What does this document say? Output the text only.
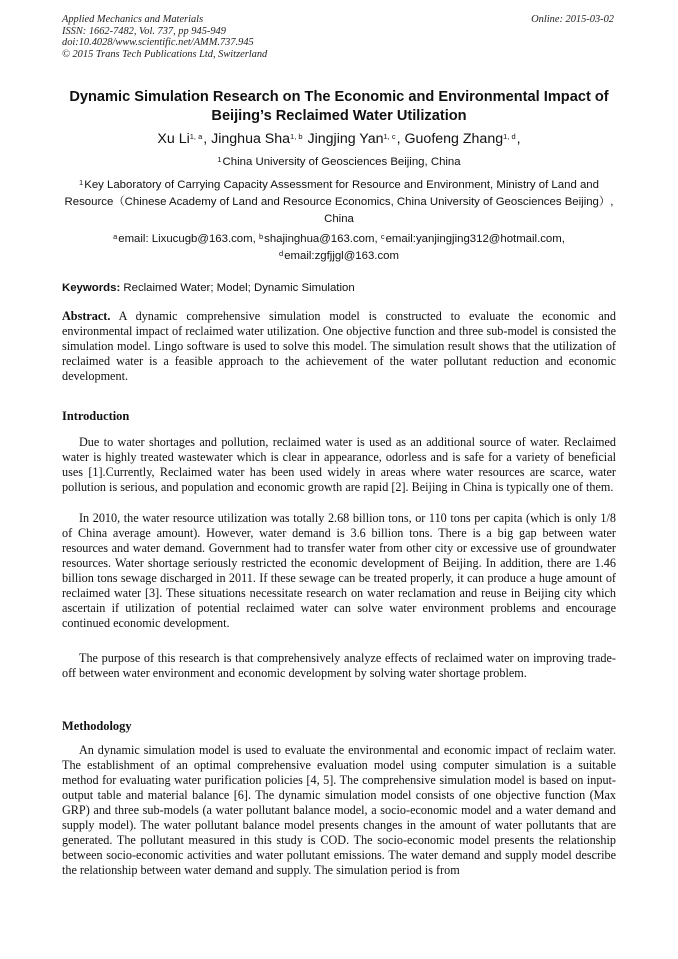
Applied Mechanics and Materials
ISSN: 1662-7482, Vol. 737, pp 945-949
doi:10.4028/www.scientific.net/AMM.737.945
© 2015 Trans Tech Publications Ltd, Switzerland
Online: 2015-03-02
Dynamic Simulation Research on The Economic and Environmental Impact of Beijing’s Reclaimed Water Utilization
Xu Li$^{1, a}$, Jinghua Sha$^{1, b}$ Jingjing Yan$^{1, c}$, Guofeng Zhang$^{1, d}$,
$^1$China University of Geosciences Beijing, China
$^1$Key Laboratory of Carrying Capacity Assessment for Resource and Environment, Ministry of Land and Resource（Chinese Academy of Land and Resource Economics, China University of Geosciences Beijing）, China
$^a$email: Lixucugb@163.com, $^b$shajinghua@163.com, $^c$email:yanjingjing312@hotmail.com,
$^d$email:zgfjjgl@163.com
Keywords: Reclaimed Water; Model; Dynamic Simulation
Abstract. A dynamic comprehensive simulation model is constructed to evaluate the economic and environmental impact of reclaimed water utilization. One objective function and three sub-model is consisted the simulation model. Lingo software is used to solve this model. The simulation result shows that the utilization of reclaimed water is a feasible approach to the achievement of the water pollutant reduction and economic development.
Introduction

Due to water shortages and pollution, reclaimed water is used as an additional source of water. Reclaimed water is highly treated wastewater which is clear in appearance, odorless and is safe for a variety of beneficial uses [1].Currently, Reclaimed water has been used widely in areas where water resources are scarce, water pollution is serious, and population and economic growth are rapid [2]. Beijing in China is typically one of them.

In 2010, the water resource utilization was totally 2.68 billion tons, or 110 tons per capita (which is only 1/8 of China average amount). However, water demand is 3.6 billion tons. There is a big gap between water resources and water demand. Government had to transfer water from other city or excessive use of groundwater resources. Water shortage seriously restricted the economic development of Beijing. In addition, there are 1.46 billion tons sewage discharged in 2011. If these sewage can be treated properly, it can produce a huge amount of reclaimed water [3]. These situations necessitate research on water reclamation and reuse in Beijing city which ascertain if utilization of potential reclaimed water can solve water environment problems and encourage continued economic development.

The purpose of this research is that comprehensively analyze effects of reclaimed water on improving trade-off between water environment and economic development by solving water shortage problem.

Methodology

An dynamic simulation model is used to evaluate the environmental and economic impact of reclaim water. The establishment of an optimal comprehensive evaluation model using computer simulation is a suitable method for evaluating water purification policies [4, 5]. The comprehensive simulation model is based on input-output table and material balance [6]. The dynamic simulation model consists of one objective function (Max GRP) and three sub-models (a water pollutant balance model, a socio-economic model and a water demand and supply model). The water pollutant balance model presents changes in the amount of water pollutants that are generated. The pollutant measured in this study is COD. The socio-economic model presents the relationship between socio-economic activities and water pollutant emissions. The water demand and supply model describe the relationship between water demand and supply. The simulation period is from
